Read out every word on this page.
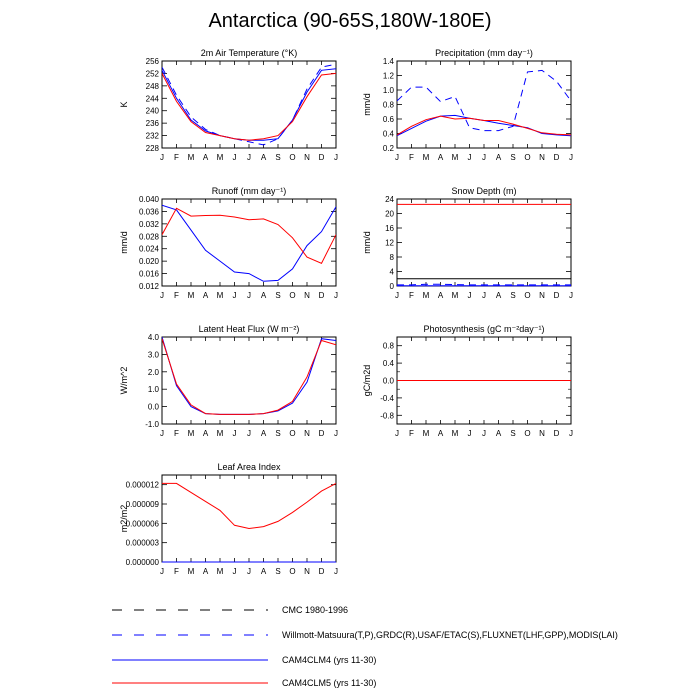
Antarctica (90-65S,180W-180E)
2m Air Temperature (°K)
J F M A M J J A S O N D J
228
232
236
240
244
248
252
256
K
Precipitation (mm day⁻¹)
J F M A M J J A S O N D J
0.2
0.4
0.6
0.8
1.0
1.2
1.4
mm/d
Runoff (mm day⁻¹)
J F M A M J J A S O N D J
0.012
0.016
0.020
0.024
0.028
0.032
0.036
0.040
mm/d
Snow Depth (m)
J F M A M J J A S O N D J
0
4
8
12
16
20
24
mm/d
Latent Heat Flux (W m⁻²)
J F M A M J J A S O N D J
-1.0
0.0
1.0
2.0
3.0
4.0
W/m^2
Photosynthesis (gC m⁻²day⁻¹)
J F M A M J J A S O N D J
-0.8
-0.4
0.0
0.4
0.8
gC/m2d
Leaf Area Index
J F M A M J J A S O N D J
0.000000
0.000003
0.000006
0.000009
0.000012
m2/m2
CMC 1980-1996
Willmott-Matsuura(T,P),GRDC(R),USAF/ETAC(S),FLUXNET(LHF,GPP),MODIS(LAI)
CAM4CLM4 (yrs 11-30)
CAM4CLM5 (yrs 11-30)
